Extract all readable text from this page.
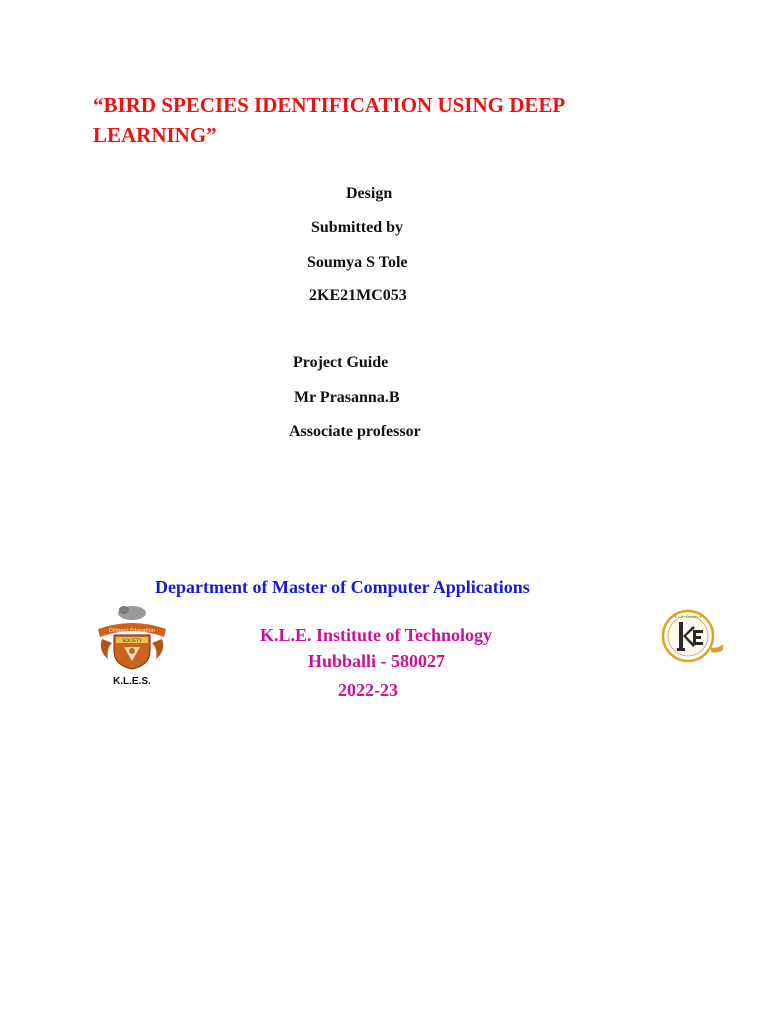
“BIRD SPECIES IDENTIFICATION USING DEEP LEARNING”
Design
Submitted by
Soumya S Tole
2KE21MC053
Project Guide
Mr Prasanna.B
Associate professor
Department of Master of Computer Applications
K.L.E. Institute of Technology
Hubballi - 580027
2022-23
Diligent Education
SOCIETY
K.L.E.S.
K.L.E. Society's
